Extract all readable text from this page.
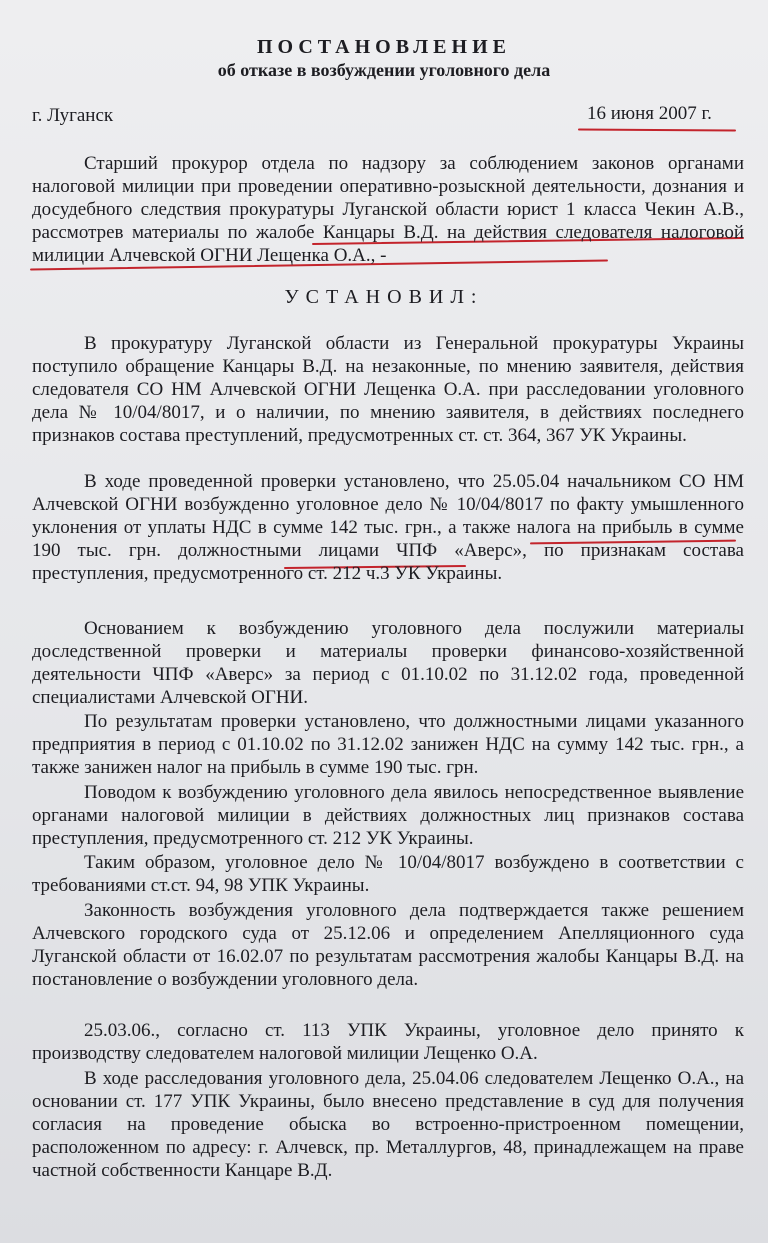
ПОСТАНОВЛЕНИЕ
об отказе в возбуждении уголовного дела
г. Луганск	16 июня 2007 г.
Старший прокурор отдела по надзору за соблюдением законов органами налоговой милиции при проведении оперативно-розыскной деятельности, дознания и досудебного следствия прокуратуры Луганской области юрист 1 класса Чекин А.В., рассмотрев материалы по жалобе Канцары В.Д. на действия следователя налоговой милиции Алчевской ОГНИ Лещенка О.А., -
УСТАНОВИЛ:
В прокуратуру Луганской области из Генеральной прокуратуры Украины поступило обращение Канцары В.Д. на незаконные, по мнению заявителя, действия следователя СО НМ Алчевской ОГНИ Лещенка О.А. при расследовании уголовного дела № 10/04/8017, и о наличии, по мнению заявителя, в действиях последнего признаков состава преступлений, предусмотренных ст. ст. 364, 367 УК Украины.
В ходе проведенной проверки установлено, что 25.05.04 начальником СО НМ Алчевской ОГНИ возбужденно уголовное дело № 10/04/8017 по факту умышленного уклонения от уплаты НДС в сумме 142 тыс. грн., а также налога на прибыль в сумме 190 тыс. грн. должностными лицами ЧПФ «Аверс», по признакам состава преступления, предусмотренного ст. 212 ч.3 УК Украины.
Основанием к возбуждению уголовного дела послужили материалы доследственной проверки и материалы проверки финансово-хозяйственной деятельности ЧПФ «Аверс» за период с 01.10.02 по 31.12.02 года, проведенной специалистами Алчевской ОГНИ.
По результатам проверки установлено, что должностными лицами указанного предприятия в период с 01.10.02 по 31.12.02 занижен НДС на сумму 142 тыс. грн., а также занижен налог на прибыль в сумме 190 тыс. грн.
Поводом к возбуждению уголовного дела явилось непосредственное выявление органами налоговой милиции в действиях должностных лиц признаков состава преступления, предусмотренного ст. 212 УК Украины.
Таким образом, уголовное дело № 10/04/8017 возбуждено в соответствии с требованиями ст.ст. 94, 98 УПК Украины.
Законность возбуждения уголовного дела подтверждается также решением Алчевского городского суда от 25.12.06 и определением Апелляционного суда Луганской области от 16.02.07 по результатам рассмотрения жалобы Канцары В.Д. на постановление о возбуждении уголовного дела.
25.03.06., согласно ст. 113 УПК Украины, уголовное дело принято к производству следователем налоговой милиции Лещенко О.А.
В ходе расследования уголовного дела, 25.04.06 следователем Лещенко О.А., на основании ст. 177 УПК Украины, было внесено представление в суд для получения согласия на проведение обыска во встроенно-пристроенном помещении, расположенном по адресу: г. Алчевск, пр. Металлургов, 48, принадлежащем на праве частной собственности Канцаре В.Д.
